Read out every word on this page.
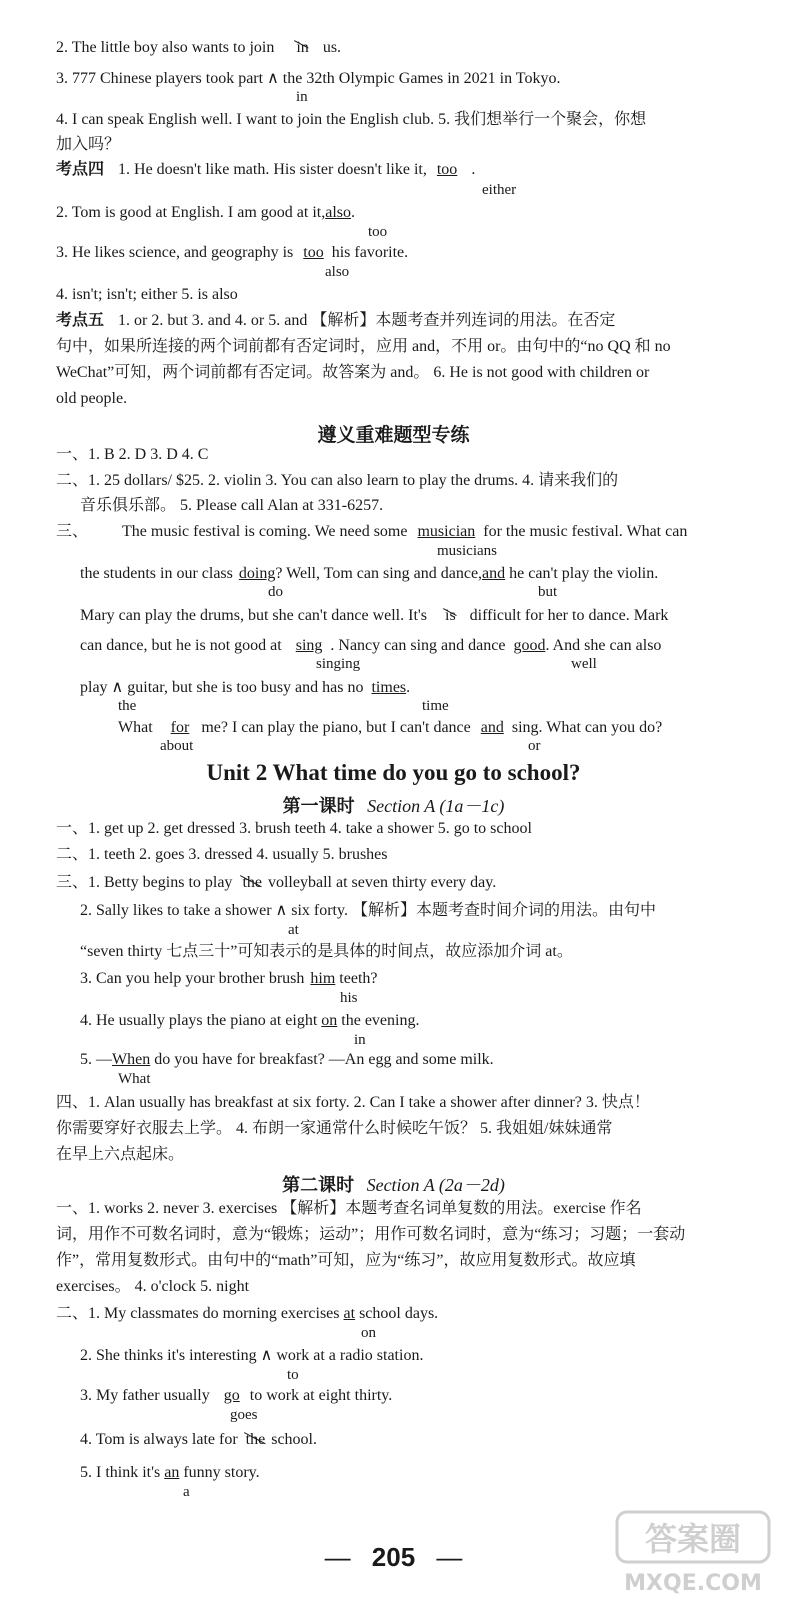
2. The little boy also wants to join in us.
3. 777 Chinese players took part ∧ the 32th Olympic Games in 2021 in Tokyo.
in
4. I can speak English well. I want to join the English club. 5. 我们想举行一个聚会，你想
加入吗？
考点四 1. He doesn't like math. His sister doesn't like it, too .
either
2. Tom is good at English. I am good at it,also.
too
3. He likes science, and geography is too his favorite.
also
4. isn't; isn't; either 5. is also
考点五 1. or 2. but 3. and 4. or 5. and 【解析】本题考查并列连词的用法。在否定
句中，如果所连接的两个词前都有否定词时，应用 and，不用 or。由句中的“no QQ 和 no
WeChat”可知，两个词前都有否定词。故答案为 and。 6. He is not good with children or
old people.
遵义重难题型专练
一、1. B 2. D 3. D 4. C
二、1. 25 dollars/ $25. 2. violin 3. You can also learn to play the drums. 4. 请来我们的
音乐俱乐部。 5. Please call Alan at 331-6257.
三、 The music festival is coming. We need some musician for the music festival. What can
musicians
the students in our class doing? Well, Tom can sing and dance,and he can't play the violin.
do	but
Mary can play the drums, but she can't dance well. It's is difficult for her to dance. Mark
can dance, but he is not good at sing . Nancy can sing and dance good. And she can also
singing	well
play ∧ guitar, but she is too busy and has no times.
the	time
What for me? I can play the piano, but I can't dance and sing. What can you do?
about	or
Unit 2 What time do you go to school?
第一课时 Section A (1a－1c)
一、1. get up 2. get dressed 3. brush teeth 4. take a shower 5. go to school
二、1. teeth 2. goes 3. dressed 4. usually 5. brushes
三、1. Betty begins to play the volleyball at seven thirty every day.
2. Sally likes to take a shower ∧ six forty. 【解析】本题考查时间介词的用法。由句中
at
“seven thirty 七点三十”可知表示的是具体的时间点，故应添加介词 at。
3. Can you help your brother brush him teeth?
his
4. He usually plays the piano at eight on the evening.
in
5. —When do you have for breakfast? —An egg and some milk.
What
四、1. Alan usually has breakfast at six forty. 2. Can I take a shower after dinner? 3. 快点！
你需要穿好衣服去上学。 4. 布朗一家通常什么时候吃午饭？ 5. 我姐姐/妹妹通常
在早上六点起床。
第二课时 Section A (2a－2d)
一、1. works 2. never 3. exercises 【解析】本题考查名词单复数的用法。exercise 作名
词，用作不可数名词时，意为“锻炼；运动”；用作可数名词时，意为“练习；习题；一套动
作”，常用复数形式。由句中的“math”可知，应为“练习”，故应用复数形式。故应填
exercises。 4. o'clock 5. night
二、1. My classmates do morning exercises at school days.
on
2. She thinks it's interesting ∧ work at a radio station.
to
3. My father usually go to work at eight thirty.
goes
4. Tom is always late for the school.
5. I think it's an funny story.
a
— 205 —	答案圈
MXQE.COM
